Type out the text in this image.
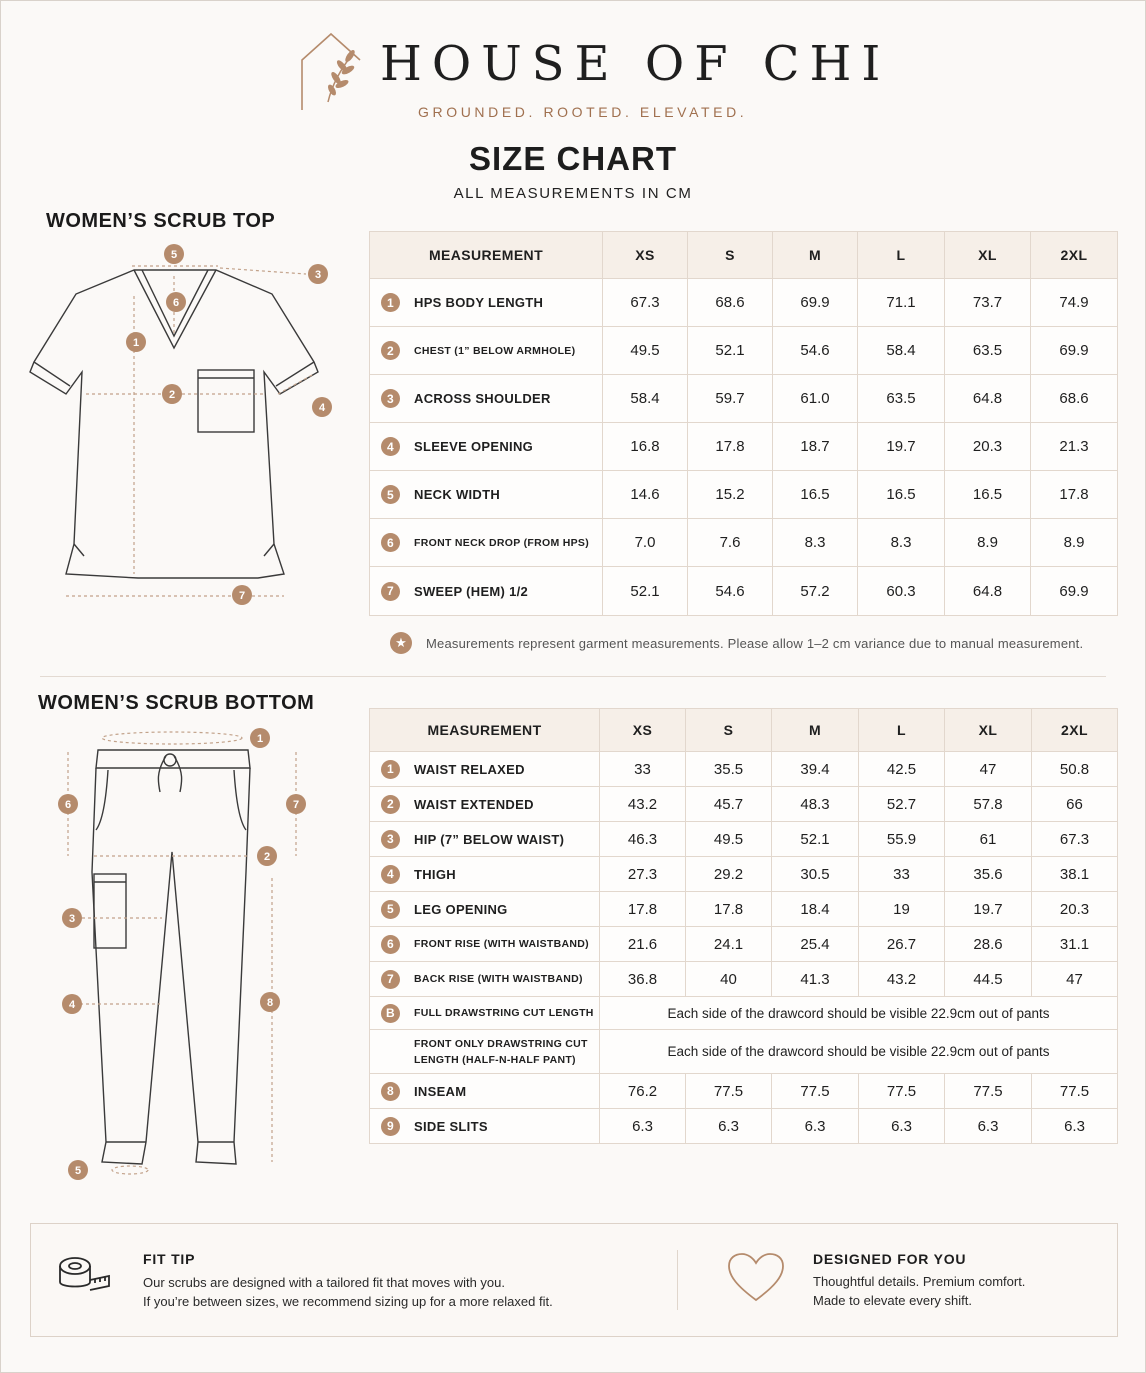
HOUSE OF CHI
GROUNDED. ROOTED. ELEVATED.
SIZE CHART
ALL MEASUREMENTS IN CM
WOMEN’S SCRUB TOP
1
2
3
4
5
6
7
MEASUREMENT	XS	S	M	L	XL	2XL

1 HPS BODY LENGTH	67.3	68.6	69.9	71.1	73.7	74.9

2 CHEST (1” BELOW ARMHOLE)	49.5	52.1	54.6	58.4	63.5	69.9

3 ACROSS SHOULDER	58.4	59.7	61.0	63.5	64.8	68.6

4 SLEEVE OPENING	16.8	17.8	18.7	19.7	20.3	21.3

5 NECK WIDTH	14.6	15.2	16.5	16.5	16.5	17.8

6 FRONT NECK DROP (FROM HPS)	7.0	7.6	8.3	8.3	8.9	8.9

7 SWEEP (HEM) 1/2	52.1	54.6	57.2	60.3	64.8	69.9
★	Measurements represent garment measurements. Please allow 1–2 cm variance due to manual measurement.
WOMEN’S SCRUB BOTTOM
1
2
3
4
5
6	7
8
MEASUREMENT	XS	S	M	L	XL	2XL

1 WAIST RELAXED	33	35.5	39.4	42.5	47	50.8

2 WAIST EXTENDED	43.2	45.7	48.3	52.7	57.8	66

3 HIP (7” BELOW WAIST)	46.3	49.5	52.1	55.9	61	67.3

4 THIGH	27.3	29.2	30.5	33	35.6	38.1

5 LEG OPENING	17.8	17.8	18.4	19	19.7	20.3

6 FRONT RISE (WITH WAISTBAND)	21.6	24.1	25.4	26.7	28.6	31.1

7 BACK RISE (WITH WAISTBAND)	36.8	40	41.3	43.2	44.5	47

B FULL DRAWSTRING CUT LENGTH	Each side of the drawcord should be visible 22.9cm out of pants					

FRONT ONLY DRAWSTRING CUT
LENGTH (HALF-N-HALF PANT)	Each side of the drawcord should be visible 22.9cm out of pants					

8 INSEAM	76.2	77.5	77.5	77.5	77.5	77.5

9 SIDE SLITS	6.3	6.3	6.3	6.3	6.3	6.3
FIT TIP
Our scrubs are designed with a tailored fit that moves with you.
If you’re between sizes, we recommend sizing up for a more relaxed fit.
DESIGNED FOR YOU
Thoughtful details. Premium comfort.
Made to elevate every shift.
